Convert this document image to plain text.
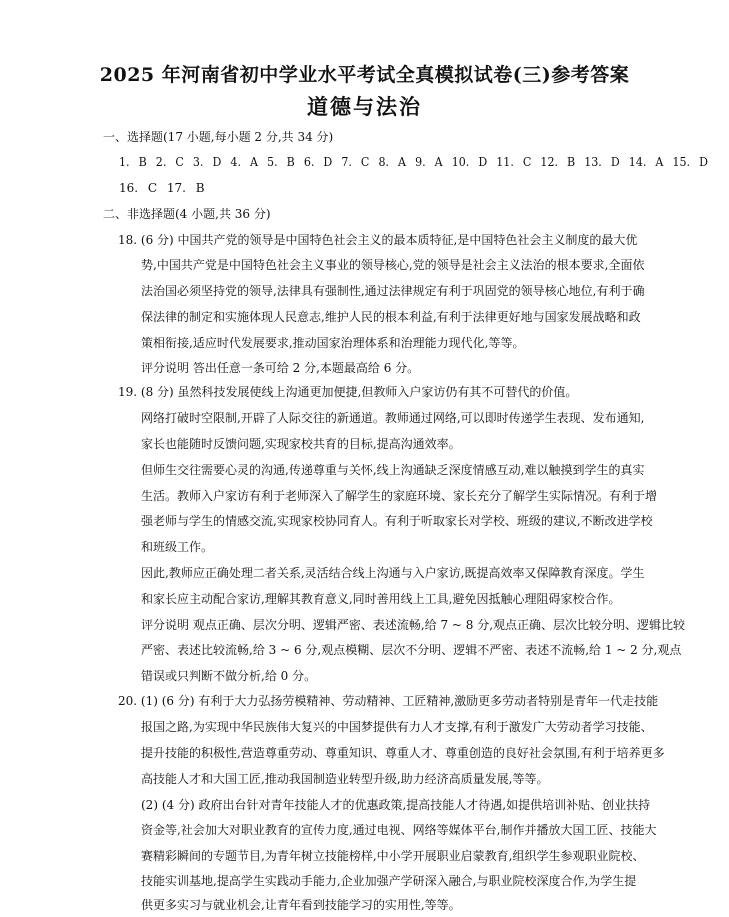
2025 年河南省初中学业水平考试全真模拟试卷(三)参考答案
道德与法治
一、选择题(17 小题,每小题 2 分,共 34 分)
1. B 2. C 3. D 4. A 5. B 6. D 7. C 8. A 9. A 10. D 11. C 12. B 13. D 14. A 15. D
16. C 17. B
二、非选择题(4 小题,共 36 分)
18. (6 分) 中国共产党的领导是中国特色社会主义的最本质特征,是中国特色社会主义制度的最大优
势,中国共产党是中国特色社会主义事业的领导核心,党的领导是社会主义法治的根本要求,全面依
法治国必须坚持党的领导,法律具有强制性,通过法律规定有利于巩固党的领导核心地位,有利于确
保法律的制定和实施体现人民意志,维护人民的根本利益,有利于法律更好地与国家发展战略和政
策相衔接,适应时代发展要求,推动国家治理体系和治理能力现代化,等等。
评分说明 答出任意一条可给 2 分,本题最高给 6 分。
19. (8 分) 虽然科技发展使线上沟通更加便捷,但教师入户家访仍有其不可替代的价值。
网络打破时空限制,开辟了人际交往的新通道。教师通过网络,可以即时传递学生表现、发布通知,
家长也能随时反馈问题,实现家校共育的目标,提高沟通效率。
但师生交往需要心灵的沟通,传递尊重与关怀,线上沟通缺乏深度情感互动,难以触摸到学生的真实
生活。教师入户家访有利于老师深入了解学生的家庭环境、家长充分了解学生实际情况。有利于增
强老师与学生的情感交流,实现家校协同育人。有利于听取家长对学校、班级的建议,不断改进学校
和班级工作。
因此,教师应正确处理二者关系,灵活结合线上沟通与入户家访,既提高效率又保障教育深度。学生
和家长应主动配合家访,理解其教育意义,同时善用线上工具,避免因抵触心理阻碍家校合作。
评分说明 观点正确、层次分明、逻辑严密、表述流畅,给 7 ~ 8 分,观点正确、层次比较分明、逻辑比较
严密、表述比较流畅,给 3 ~ 6 分,观点模糊、层次不分明、逻辑不严密、表述不流畅,给 1 ~ 2 分,观点
错误或只判断不做分析,给 0 分。
20. (1) (6 分) 有利于大力弘扬劳模精神、劳动精神、工匠精神,激励更多劳动者特别是青年一代走技能
报国之路,为实现中华民族伟大复兴的中国梦提供有力人才支撑,有利于激发广大劳动者学习技能、
提升技能的积极性,营造尊重劳动、尊重知识、尊重人才、尊重创造的良好社会氛围,有利于培养更多
高技能人才和大国工匠,推动我国制造业转型升级,助力经济高质量发展,等等。
(2) (4 分) 政府出台针对青年技能人才的优惠政策,提高技能人才待遇,如提供培训补贴、创业扶持
资金等,社会加大对职业教育的宣传力度,通过电视、网络等媒体平台,制作并播放大国工匠、技能大
赛精彩瞬间的专题节目,为青年树立技能榜样,中小学开展职业启蒙教育,组织学生参观职业院校、
技能实训基地,提高学生实践动手能力,企业加强产学研深入融合,与职业院校深度合作,为学生提
供更多实习与就业机会,让青年看到技能学习的实用性,等等。
